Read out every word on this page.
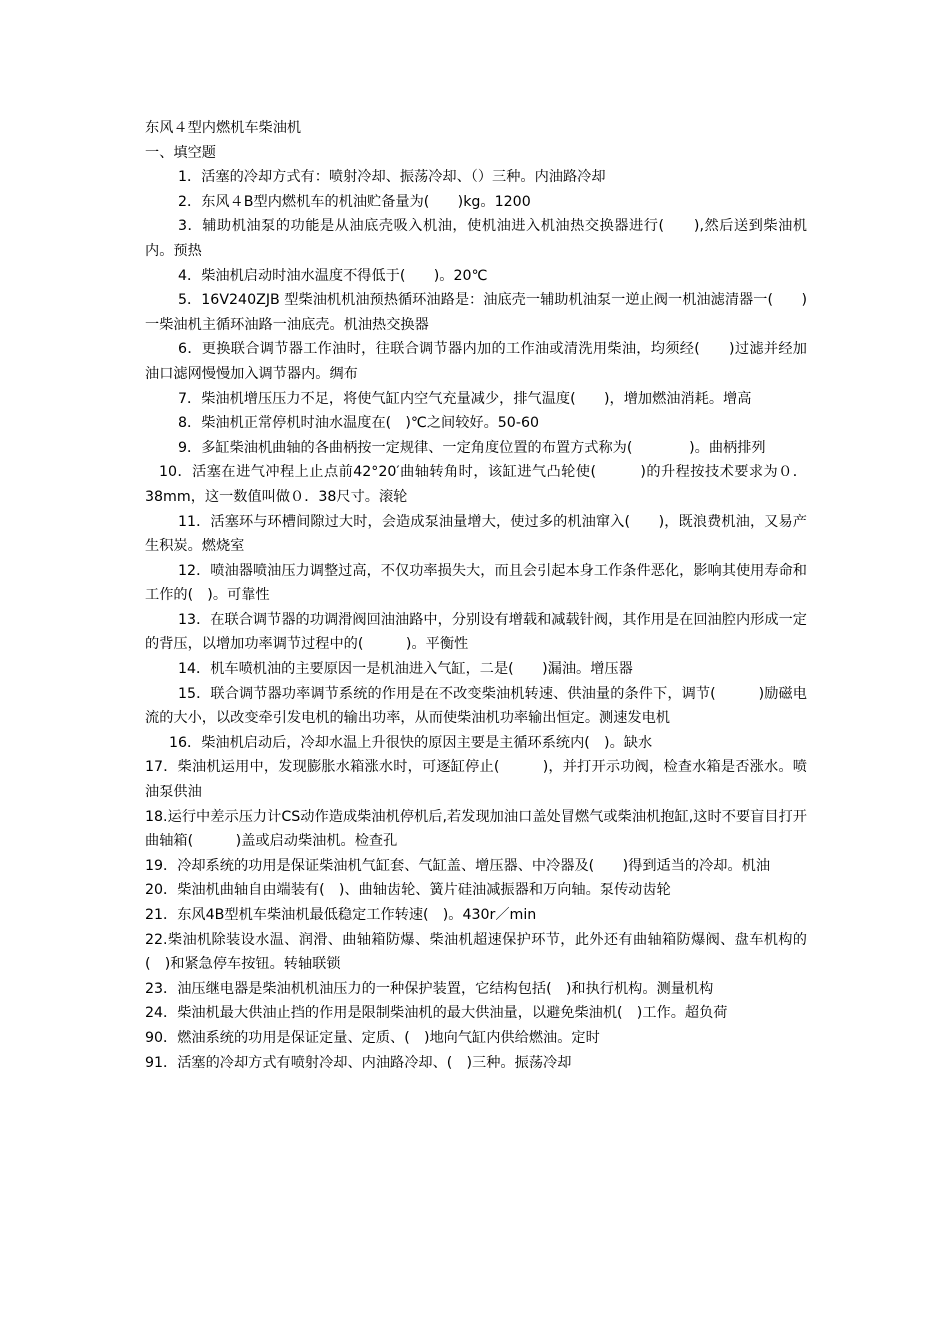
东风４型内燃机车柴油机

一、填空题

1．活塞的冷却方式有：喷射冷却、振荡冷却、（）三种。内油路冷却

2．东风４B型内燃机车的机油贮备量为(　　)kg。1200

3．辅助机油泵的功能是从油底壳吸入机油，使机油进入机油热交换器进行(　　),然后送到柴油机内。预热

4．柴油机启动时油水温度不得低于(　　)。20℃

5．16V240ZJB 型柴油机机油预热循环油路是：油底壳一辅助机油泵一逆止阀一机油滤清器一(　　)一柴油机主循环油路一油底壳。机油热交换器

6．更换联合调节器工作油时，往联合调节器内加的工作油或清洗用柴油，均须经(　　)过滤并经加油口滤网慢慢加入调节器内。绸布

7．柴油机增压压力不足，将使气缸内空气充量减少，排气温度(　　)，增加燃油消耗。增高

8．柴油机正常停机时油水温度在(　)℃之间较好。50-60

9．多缸柴油机曲轴的各曲柄按一定规律、一定角度位置的布置方式称为(　　　　)。曲柄排列

10．活塞在进气冲程上止点前42°20′曲轴转角时，该缸进气凸轮使(　　　)的升程按技术要求为０．38mm，这一数值叫做０．38尺寸。滚轮

11．活塞环与环槽间隙过大时，会造成泵油量增大，使过多的机油窜入(　　)，既浪费机油，又易产生积炭。燃烧室

12．喷油器喷油压力调整过高，不仅功率损失大，而且会引起本身工作条件恶化，影响其使用寿命和工作的(　)。可靠性

13．在联合调节器的功调滑阀回油油路中，分别设有增载和减载针阀，其作用是在回油腔内形成一定的背压，以增加功率调节过程中的(　　　)。平衡性

14．机车喷机油的主要原因一是机油进入气缸，二是(　　)漏油。增压器

15．联合调节器功率调节系统的作用是在不改变柴油机转速、供油量的条件下，调节(　　　)励磁电流的大小，以改变牵引发电机的输出功率，从而使柴油机功率输出恒定。测速发电机

16．柴油机启动后，冷却水温上升很快的原因主要是主循环系统内(　)。缺水

17．柴油机运用中，发现膨胀水箱涨水时，可逐缸停止(　　　)，并打开示功阀，检查水箱是否涨水。喷油泵供油

18.运行中差示压力计CS动作造成柴油机停机后,若发现加油口盖处冒燃气或柴油机抱缸,这时不要盲目打开曲轴箱(　　　)盖或启动柴油机。检查孔

19．冷却系统的功用是保证柴油机气缸套、气缸盖、增压器、中冷器及(　　)得到适当的冷却。机油

20．柴油机曲轴自由端装有(　)、曲轴齿轮、簧片硅油减振器和万向轴。泵传动齿轮

21．东风4B型机车柴油机最低稳定工作转速(　)。430r／min

22.柴油机除装设水温、润滑、曲轴箱防爆、柴油机超速保护环节，此外还有曲轴箱防爆阀、盘车机构的(　)和紧急停车按钮。转轴联锁

23．油压继电器是柴油机机油压力的一种保护装置，它结构包括(　)和执行机构。测量机构

24．柴油机最大供油止挡的作用是限制柴油机的最大供油量，以避免柴油机(　)工作。超负荷

90．燃油系统的功用是保证定量、定质、(　)地向气缸内供给燃油。定时

91．活塞的冷却方式有喷射冷却、内油路冷却、(　)三种。振荡冷却
